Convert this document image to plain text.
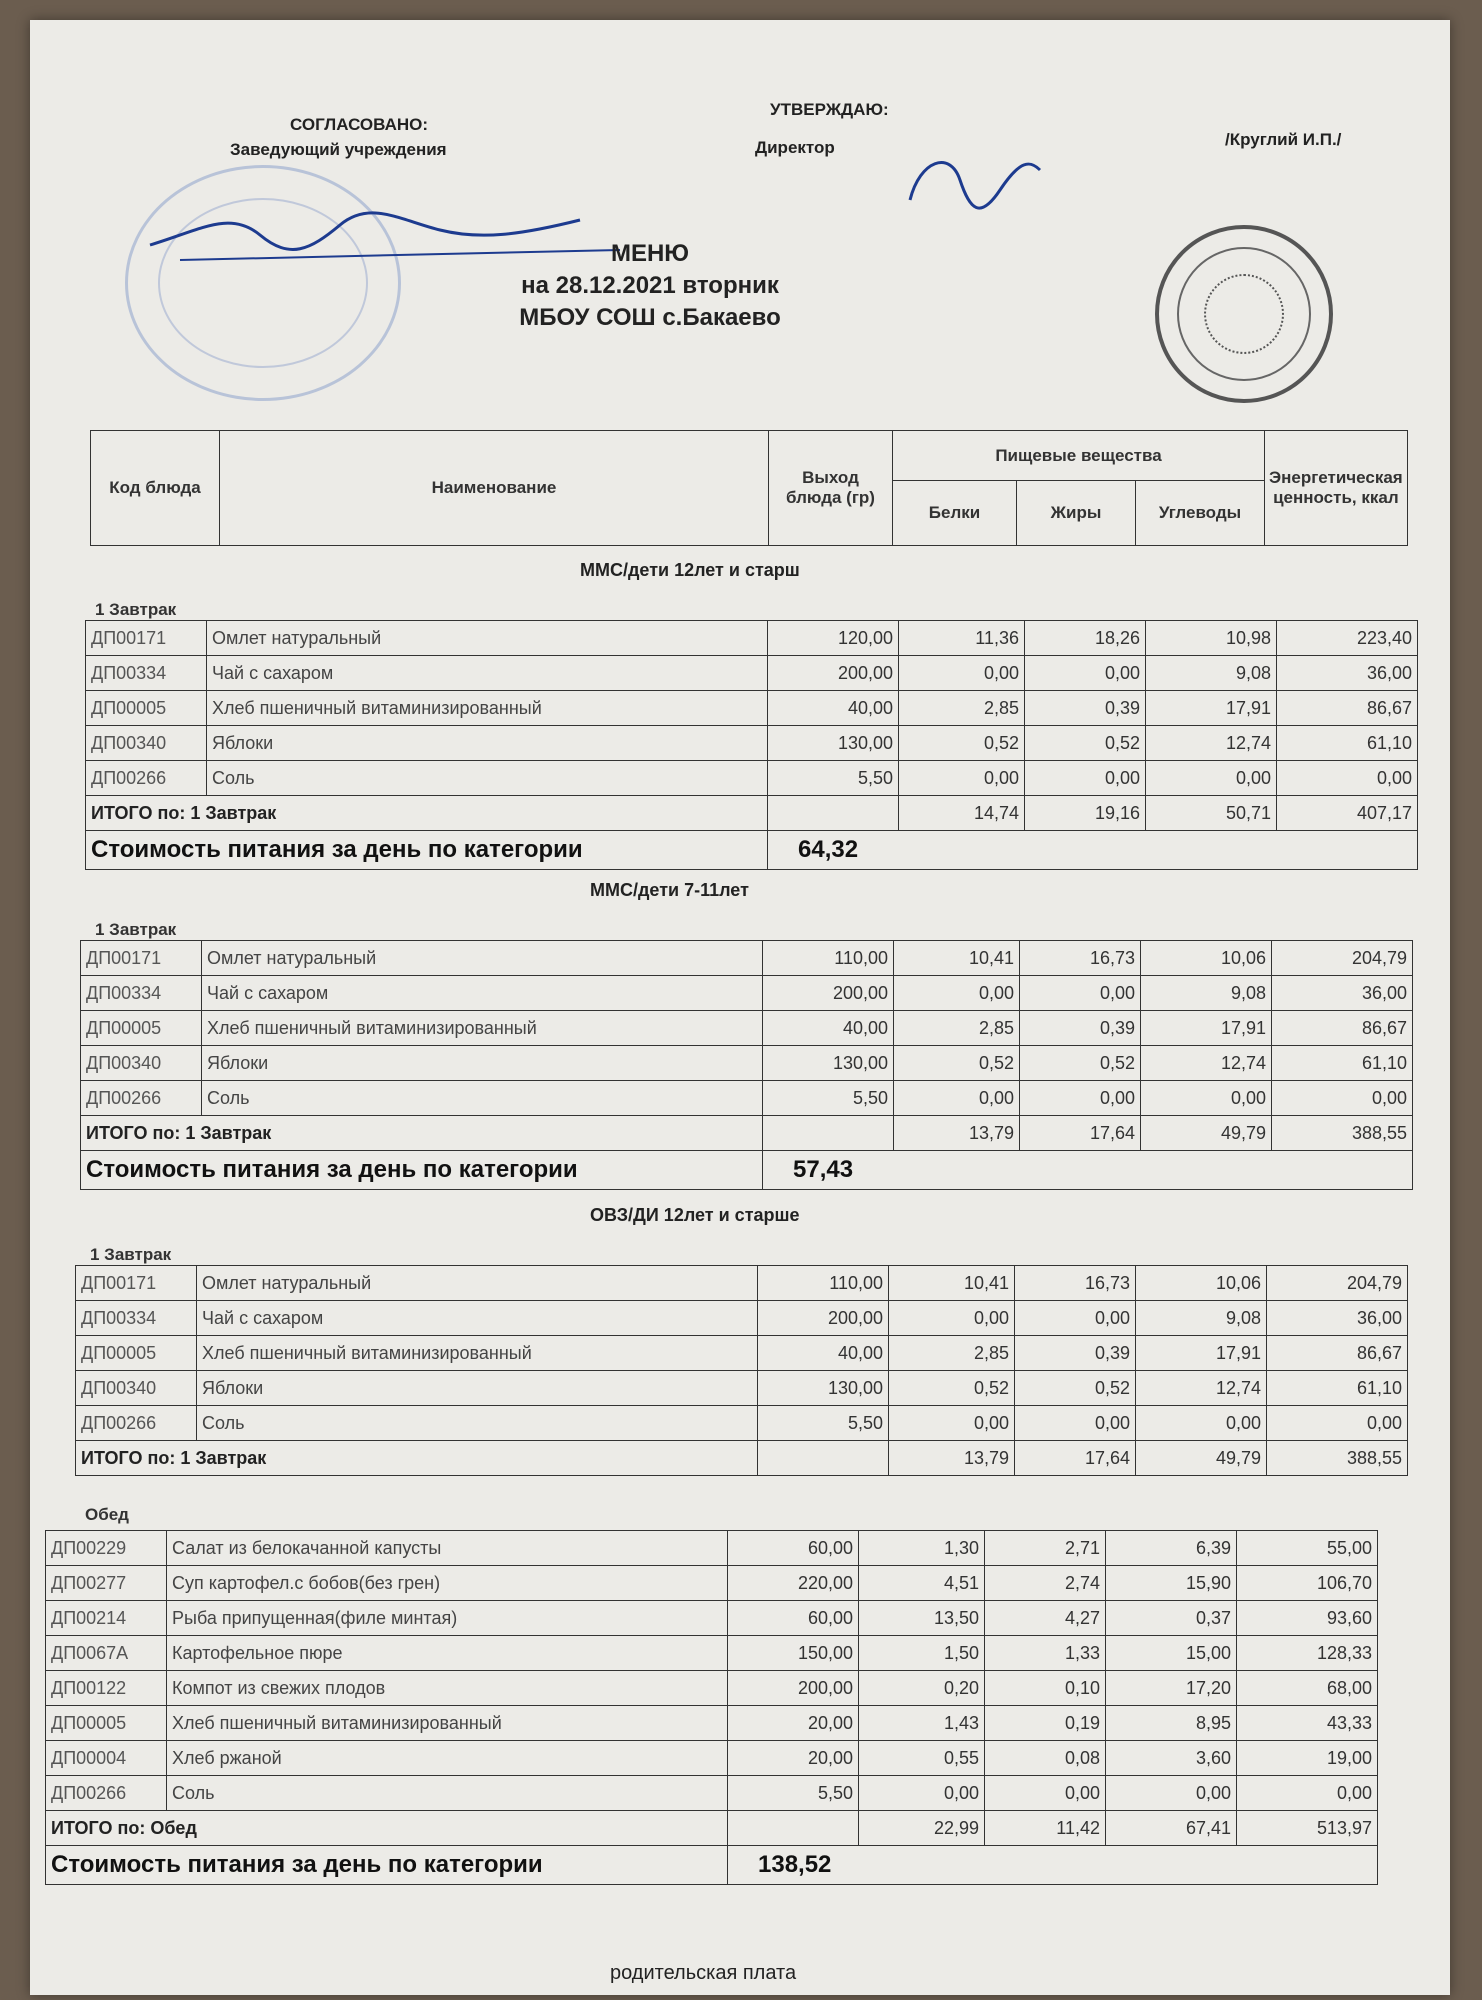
СОГЛАСОВАНО:
Заведующий учреждения
УТВЕРЖДАЮ:
Директор	/Круглий И.П./
МЕНЮ
на 28.12.2021 вторник
МБОУ СОШ с.Бакаево
Код блюда	Наименование	Выход блюда (гр)	Пищевые вещества			Энергетическая ценность, ккал
			Белки	Жиры	Углеводы	
ММС/дети 12лет и старш
1 Завтрак
ДП00171	Омлет натуральный	120,00	11,36	18,26	10,98	223,40
ДП00334	Чай с сахаром	200,00	0,00	0,00	9,08	36,00
ДП00005	Хлеб пшеничный витаминизированный	40,00	2,85	0,39	17,91	86,67
ДП00340	Яблоки	130,00	0,52	0,52	12,74	61,10
ДП00266	Соль	5,50	0,00	0,00	0,00	0,00
ИТОГО по: 1 Завтрак			14,74	19,16	50,71	407,17
Стоимость питания за день по категории		64,32				
ММС/дети 7-11лет
1 Завтрак
ДП00171	Омлет натуральный	110,00	10,41	16,73	10,06	204,79
ДП00334	Чай с сахаром	200,00	0,00	0,00	9,08	36,00
ДП00005	Хлеб пшеничный витаминизированный	40,00	2,85	0,39	17,91	86,67
ДП00340	Яблоки	130,00	0,52	0,52	12,74	61,10
ДП00266	Соль	5,50	0,00	0,00	0,00	0,00
ИТОГО по: 1 Завтрак			13,79	17,64	49,79	388,55
Стоимость питания за день по категории		57,43				
ОВЗ/ДИ 12лет и старше
1 Завтрак
ДП00171	Омлет натуральный	110,00	10,41	16,73	10,06	204,79
ДП00334	Чай с сахаром	200,00	0,00	0,00	9,08	36,00
ДП00005	Хлеб пшеничный витаминизированный	40,00	2,85	0,39	17,91	86,67
ДП00340	Яблоки	130,00	0,52	0,52	12,74	61,10
ДП00266	Соль	5,50	0,00	0,00	0,00	0,00
ИТОГО по: 1 Завтрак			13,79	17,64	49,79	388,55
Обед
ДП00229	Салат из белокачанной капусты	60,00	1,30	2,71	6,39	55,00
ДП00277	Суп картофел.с бобов(без грен)	220,00	4,51	2,74	15,90	106,70
ДП00214	Рыба припущенная(филе минтая)	60,00	13,50	4,27	0,37	93,60
ДП0067А	Картофельное пюре	150,00	1,50	1,33	15,00	128,33
ДП00122	Компот из свежих плодов	200,00	0,20	0,10	17,20	68,00
ДП00005	Хлеб пшеничный витаминизированный	20,00	1,43	0,19	8,95	43,33
ДП00004	Хлеб ржаной	20,00	0,55	0,08	3,60	19,00
ДП00266	Соль	5,50	0,00	0,00	0,00	0,00
ИТОГО по: Обед			22,99	11,42	67,41	513,97
Стоимость питания за день по категории		138,52				
родительская плата
